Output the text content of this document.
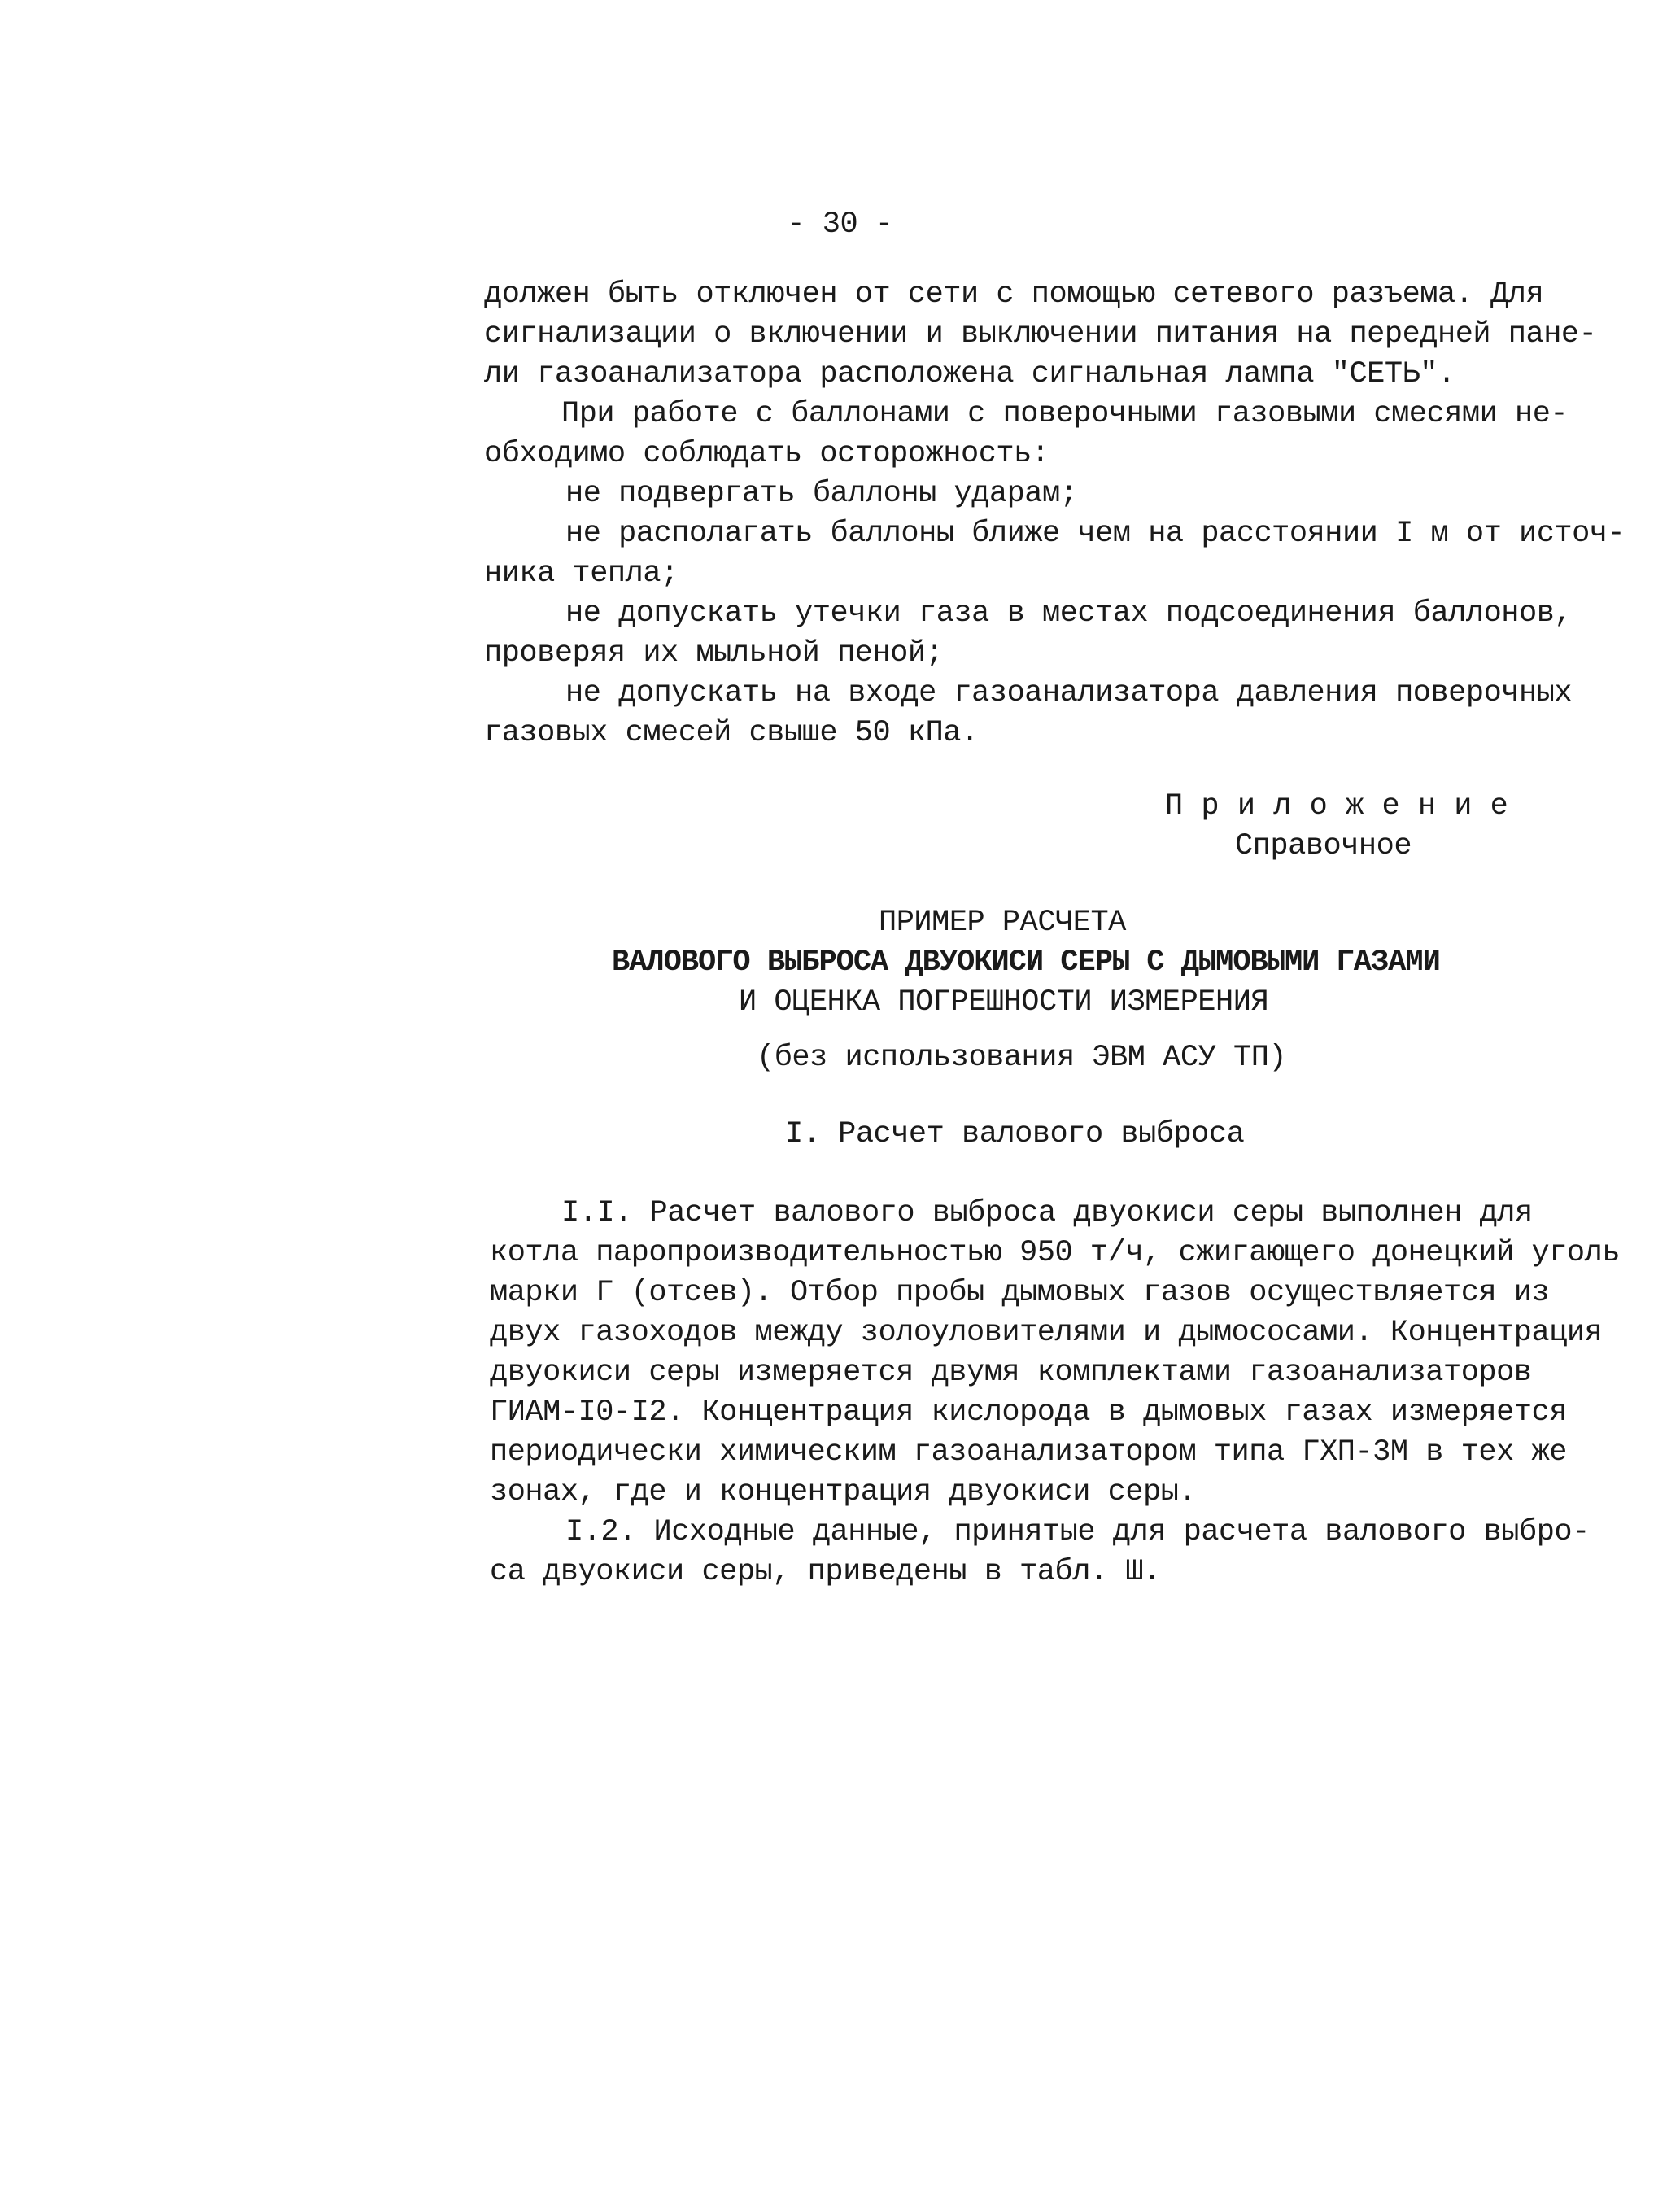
- 30 -
должен быть отключен от сети с помощью сетевого разъема. Для
сигнализации о включении и выключении питания на передней пане-
ли газоанализатора расположена сигнальная лампа "СЕТЬ".
При работе с баллонами с поверочными газовыми смесями не-
обходимо соблюдать осторожность:
не подвергать баллоны ударам;
не располагать баллоны ближе чем на расстоянии I м от источ-
ника тепла;
не допускать утечки газа в местах подсоединения баллонов,
проверяя их мыльной пеной;
не допускать на входе газоанализатора давления поверочных
газовых смесей свыше 50 кПа.
П р и л о ж е н и е
Справочное
ПРИМЕР РАСЧЕТА
ВАЛОВОГО ВЫБРОСА ДВУОКИСИ СЕРЫ С ДЫМОВЫМИ ГАЗАМИ
И ОЦЕНКА ПОГРЕШНОСТИ ИЗМЕРЕНИЯ
(без использования ЭВМ АСУ ТП)
I. Расчет валового выброса
I.I. Расчет валового выброса двуокиси серы выполнен для
котла паропроизводительностью 950 т/ч, сжигающего донецкий уголь
марки Г (отсев). Отбор пробы дымовых газов осуществляется из
двух газоходов между золоуловителями и дымососами. Концентрация
двуокиси серы измеряется двумя комплектами газоанализаторов
ГИАМ-I0-I2. Концентрация кислорода в дымовых газах измеряется
периодически химическим газоанализатором типа ГХП-3М в тех же
зонах, где и концентрация двуокиси серы.
I.2. Исходные данные, принятые для расчета валового выбро-
са двуокиси серы, приведены в табл. Ш.
